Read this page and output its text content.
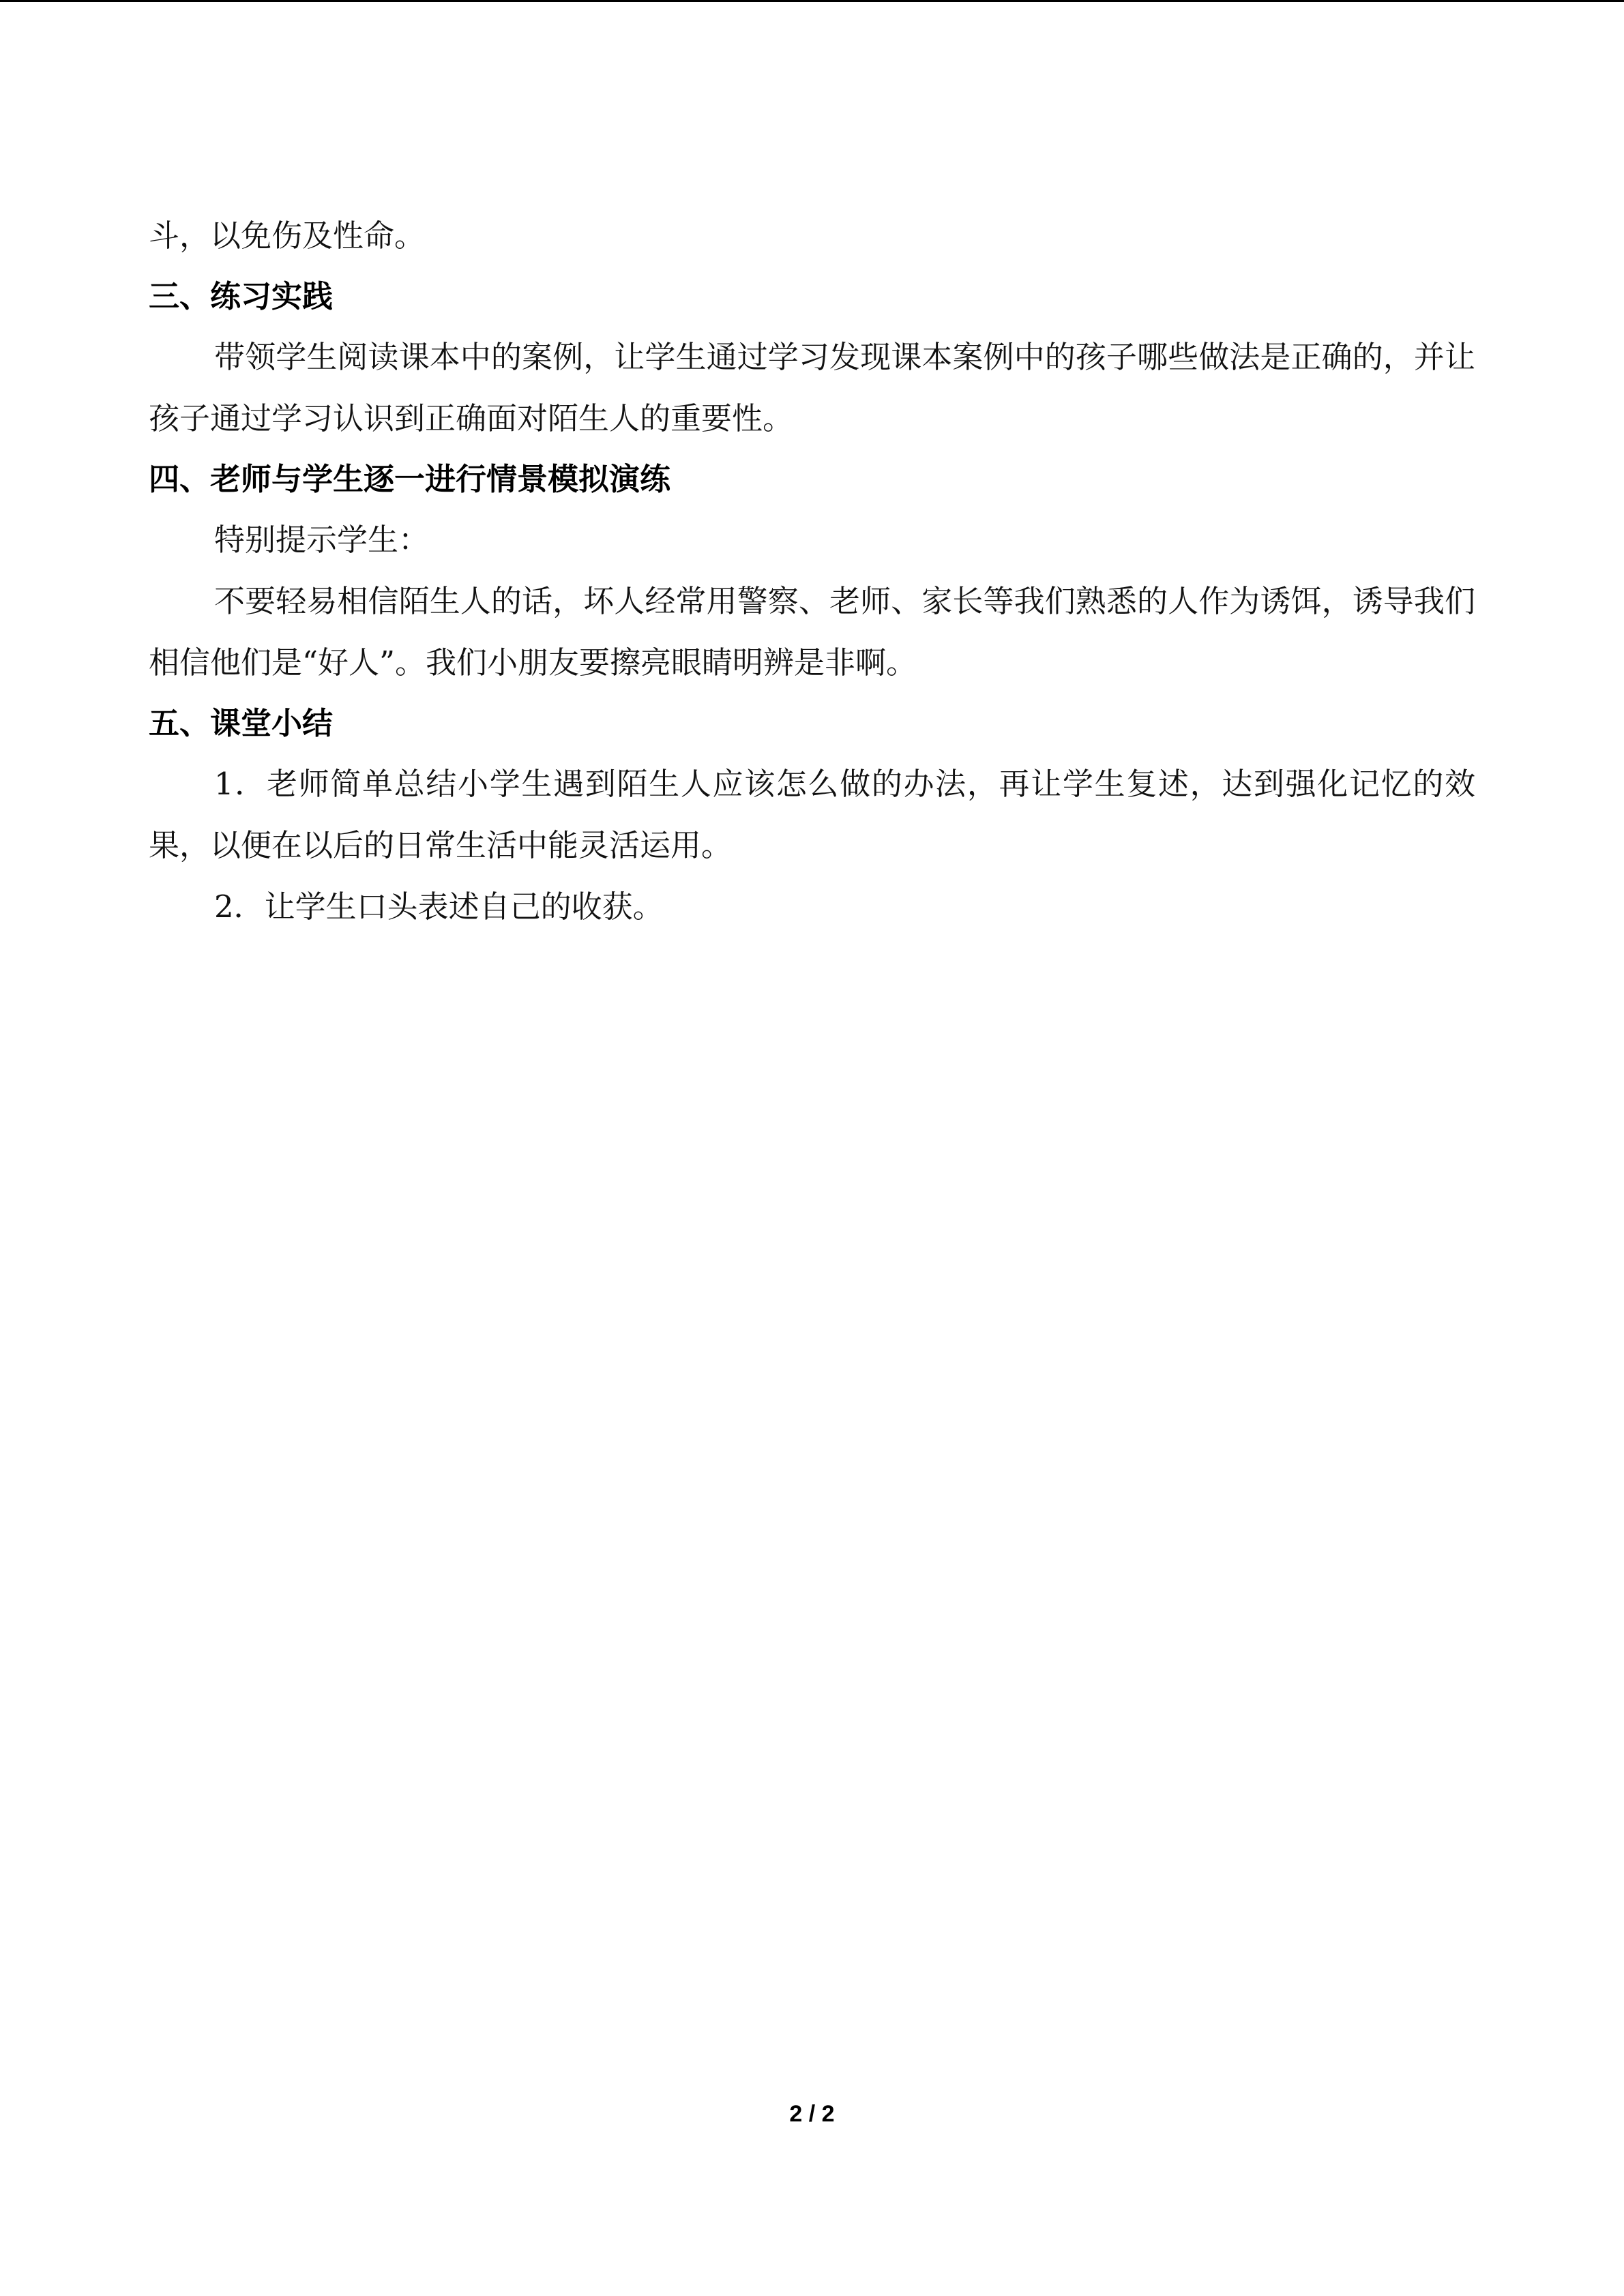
斗，以免伤及性命。

三、练习实践

带领学生阅读课本中的案例，让学生通过学习发现课本案例中的孩子哪些做法是正确的，并让孩子通过学习认识到正确面对陌生人的重要性。

四、老师与学生逐一进行情景模拟演练

特别提示学生：

不要轻易相信陌生人的话，坏人经常用警察、老师、家长等我们熟悉的人作为诱饵，诱导我们相信他们是“好人”。我们小朋友要擦亮眼睛明辨是非啊。

五、课堂小结

1．老师简单总结小学生遇到陌生人应该怎么做的办法，再让学生复述，达到强化记忆的效果，以便在以后的日常生活中能灵活运用。

2．让学生口头表述自己的收获。

2 / 2
